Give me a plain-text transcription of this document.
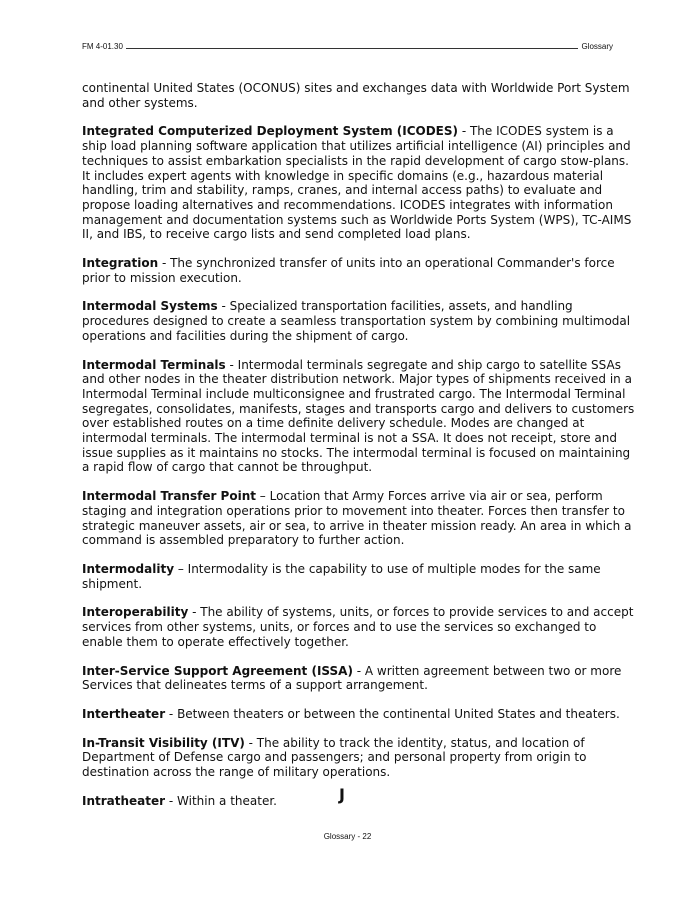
FM 4-01.30	Glossary
continental United States (OCONUS) sites and exchanges data with Worldwide Port System
and other systems.
Integrated Computerized Deployment System (ICODES) - The ICODES system is a
ship load planning software application that utilizes artificial intelligence (AI) principles and
techniques to assist embarkation specialists in the rapid development of cargo stow-plans.
It includes expert agents with knowledge in specific domains (e.g., hazardous material
handling, trim and stability, ramps, cranes, and internal access paths) to evaluate and
propose loading alternatives and recommendations. ICODES integrates with information
management and documentation systems such as Worldwide Ports System (WPS), TC-AIMS
II, and IBS, to receive cargo lists and send completed load plans.
Integration - The synchronized transfer of units into an operational Commander's force
prior to mission execution.
Intermodal Systems - Specialized transportation facilities, assets, and handling
procedures designed to create a seamless transportation system by combining multimodal
operations and facilities during the shipment of cargo.
Intermodal Terminals - Intermodal terminals segregate and ship cargo to satellite SSAs
and other nodes in the theater distribution network. Major types of shipments received in a
Intermodal Terminal include multiconsignee and frustrated cargo. The Intermodal Terminal
segregates, consolidates, manifests, stages and transports cargo and delivers to customers
over established routes on a time definite delivery schedule. Modes are changed at
intermodal terminals. The intermodal terminal is not a SSA. It does not receipt, store and
issue supplies as it maintains no stocks. The intermodal terminal is focused on maintaining
a rapid flow of cargo that cannot be throughput.
Intermodal Transfer Point – Location that Army Forces arrive via air or sea, perform
staging and integration operations prior to movement into theater. Forces then transfer to
strategic maneuver assets, air or sea, to arrive in theater mission ready. An area in which a
command is assembled preparatory to further action.
Intermodality – Intermodality is the capability to use of multiple modes for the same
shipment.
Interoperability - The ability of systems, units, or forces to provide services to and accept
services from other systems, units, or forces and to use the services so exchanged to
enable them to operate effectively together.
Inter-Service Support Agreement (ISSA) - A written agreement between two or more
Services that delineates terms of a support arrangement.
Intertheater - Between theaters or between the continental United States and theaters.
In-Transit Visibility (ITV) - The ability to track the identity, status, and location of
Department of Defense cargo and passengers; and personal property from origin to
destination across the range of military operations.
Intratheater - Within a theater.	J
Glossary - 22
